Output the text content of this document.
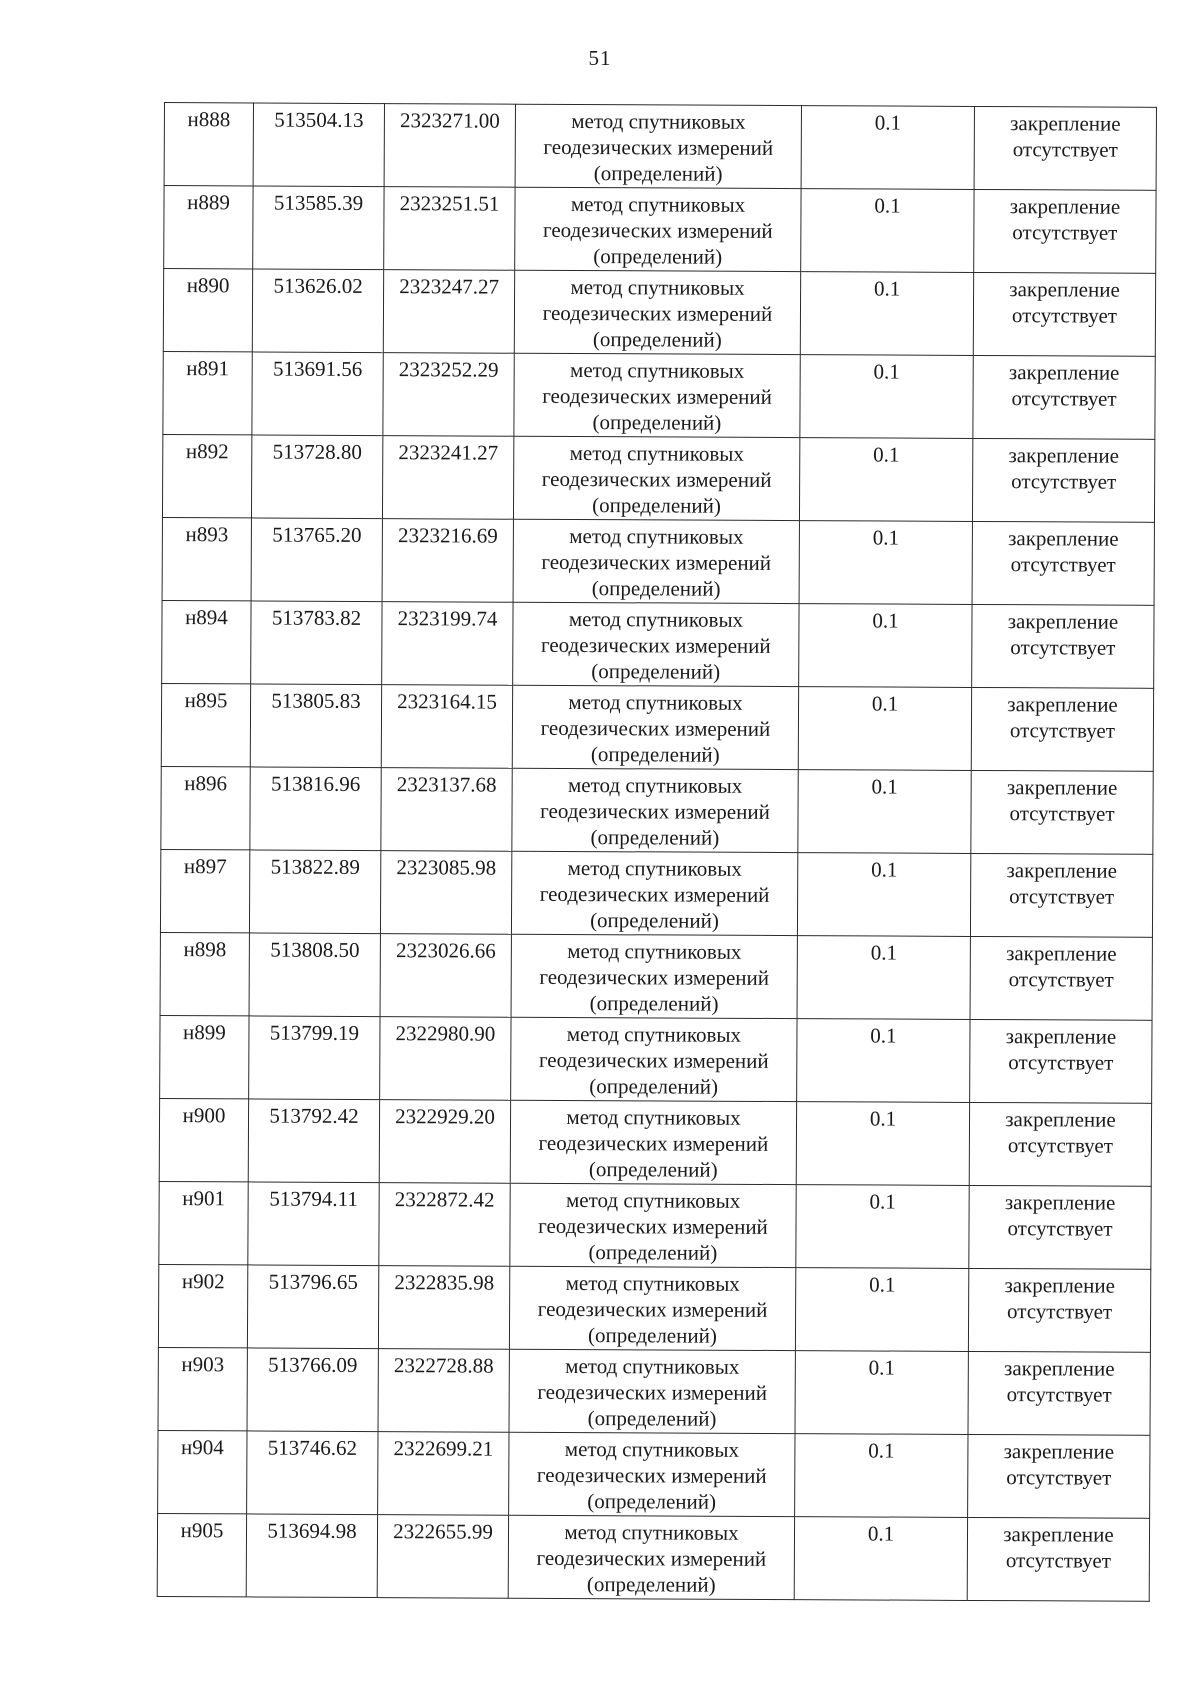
51
н888	513504.13	2323271.00	метод спутниковых
геодезических измерений
(определений)	0.1	закрепление
отсутствует

н889	513585.39	2323251.51	метод спутниковых
геодезических измерений
(определений)	0.1	закрепление
отсутствует

н890	513626.02	2323247.27	метод спутниковых
геодезических измерений
(определений)	0.1	закрепление
отсутствует

н891	513691.56	2323252.29	метод спутниковых
геодезических измерений
(определений)	0.1	закрепление
отсутствует

н892	513728.80	2323241.27	метод спутниковых
геодезических измерений
(определений)	0.1	закрепление
отсутствует

н893	513765.20	2323216.69	метод спутниковых
геодезических измерений
(определений)	0.1	закрепление
отсутствует

н894	513783.82	2323199.74	метод спутниковых
геодезических измерений
(определений)	0.1	закрепление
отсутствует

н895	513805.83	2323164.15	метод спутниковых
геодезических измерений
(определений)	0.1	закрепление
отсутствует

н896	513816.96	2323137.68	метод спутниковых
геодезических измерений
(определений)	0.1	закрепление
отсутствует

н897	513822.89	2323085.98	метод спутниковых
геодезических измерений
(определений)	0.1	закрепление
отсутствует

н898	513808.50	2323026.66	метод спутниковых
геодезических измерений
(определений)	0.1	закрепление
отсутствует

н899	513799.19	2322980.90	метод спутниковых
геодезических измерений
(определений)	0.1	закрепление
отсутствует

н900	513792.42	2322929.20	метод спутниковых
геодезических измерений
(определений)	0.1	закрепление
отсутствует

н901	513794.11	2322872.42	метод спутниковых
геодезических измерений
(определений)	0.1	закрепление
отсутствует

н902	513796.65	2322835.98	метод спутниковых
геодезических измерений
(определений)	0.1	закрепление
отсутствует

н903	513766.09	2322728.88	метод спутниковых
геодезических измерений
(определений)	0.1	закрепление
отсутствует

н904	513746.62	2322699.21	метод спутниковых
геодезических измерений
(определений)	0.1	закрепление
отсутствует

н905	513694.98	2322655.99	метод спутниковых
геодезических измерений
(определений)	0.1	закрепление
отсутствует
